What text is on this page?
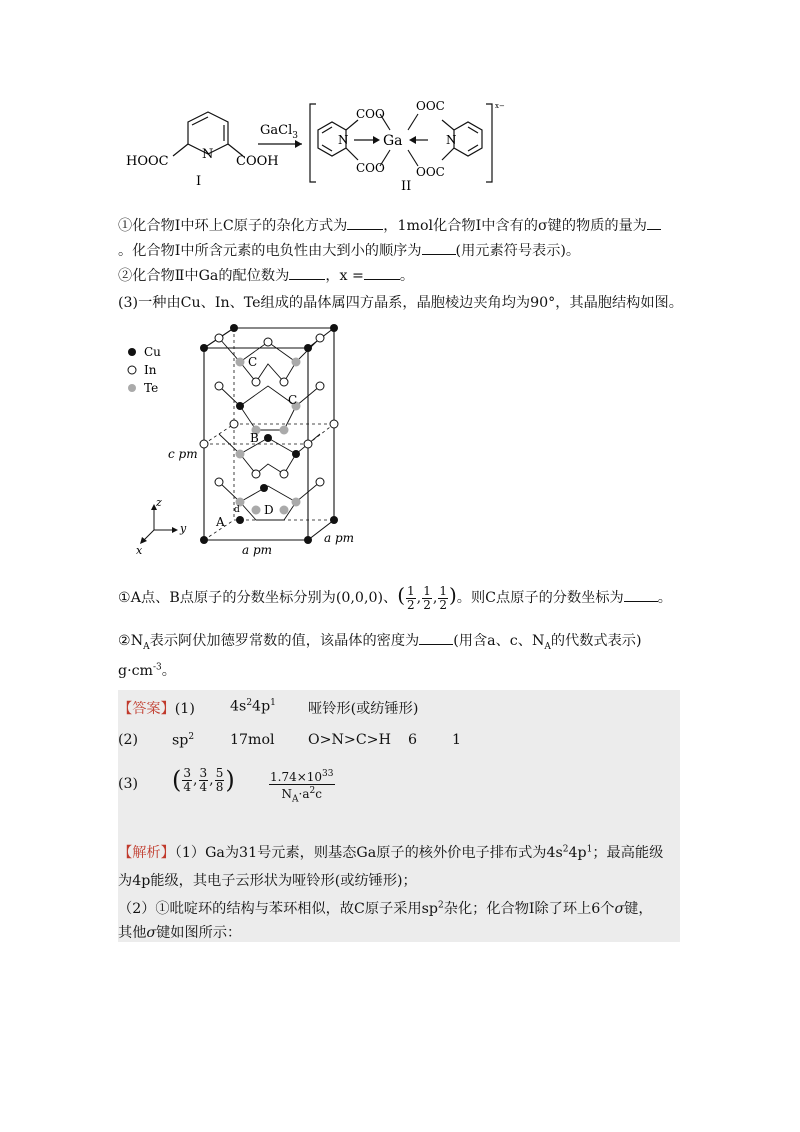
N
HOOC	COOH
I
GaCl$_3$
x−
N
COO
COO
Ga	N
OOC
OOC
II
①化合物Ⅰ中环上C原子的杂化方式为	，1mol化合物Ⅰ中含有的σ键的物质的量为
。化合物Ⅰ中所含元素的电负性由大到小的顺序为 (用元素符号表示)。
②化合物Ⅱ中Ga的配位数为	，x =	。
(3)一种由Cu、In、Te组成的晶体属四方晶系，晶胞棱边夹角均为90°，其晶胞结构如图。
Cu
In
Te
C
C
B
D
d
A
c pm
a pm
a pm
z
y
x
①A点、B点原子的分数坐标分别为(0,0,0)、( $\frac{1}{2}$ , $\frac{1}{2}$ , $\frac{1}{2}$ )。则C点原子的分数坐标为 。
$②N_A$表示阿伏加德罗常数的值，该晶体的密度为 (用含a、c、$N_A$的代数式表示)
$g\cdot cm^{-3}$。
【答案】(1) $4s^24p^1$ 哑铃形(或纺锤形)
(2) $sp^2$	17mol O>N>C>H 6 1
(3) ( $\frac{3}{4}$ , $\frac{3}{4}$ , $\frac{5}{8}$ )	$\frac{1.74\times 10^{33}}{N_A\cdot a^2c}$
【解析】（1）Ga为31号元素，则基态Ga原子的核外价电子排布式为$4s^24p^1$；最高能级
为4p能级，其电子云形状为哑铃形(或纺锤形)；
（2）①吡啶环的结构与苯环相似，故C原子采用$sp^2$杂化；化合物Ⅰ除了环上6个σ键，
其他σ键如图所示：
